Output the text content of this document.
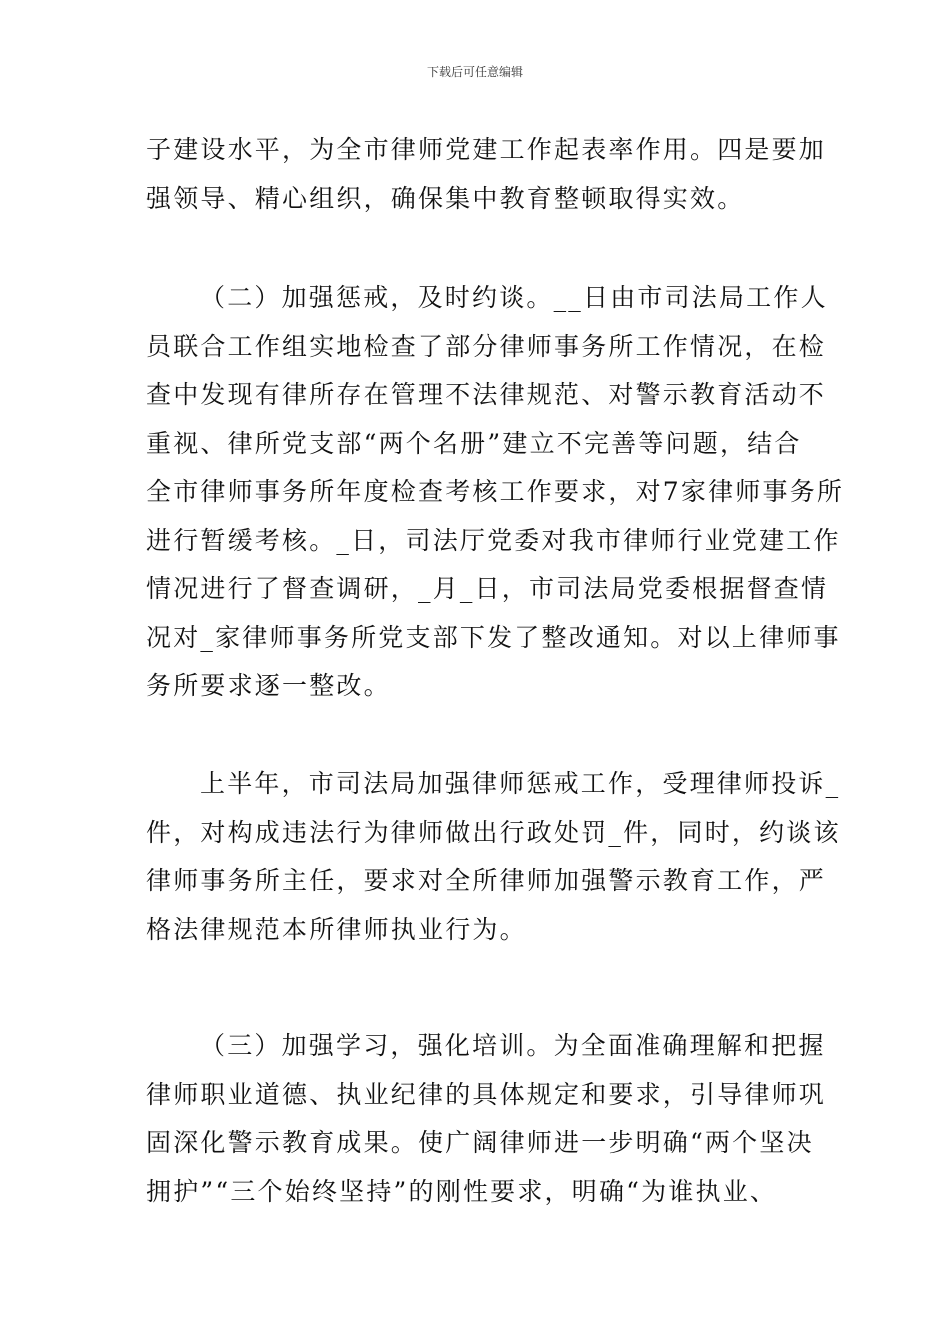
下载后可任意编辑
子建设水平，为全市律师党建工作起表率作用。四是要加
强领导、精心组织，确保集中教育整顿取得实效。
（二）加强惩戒，及时约谈。__日由市司法局工作人
员联合工作组实地检查了部分律师事务所工作情况，在检
查中发现有律所存在管理不法律规范、对警示教育活动不
重视、律所党支部“两个名册”建立不完善等问题，结合
全市律师事务所年度检查考核工作要求，对7家律师事务所
进行暂缓考核。_日，司法厅党委对我市律师行业党建工作
情况进行了督查调研，_月_日，市司法局党委根据督查情
况对_家律师事务所党支部下发了整改通知。对以上律师事
务所要求逐一整改。
上半年，市司法局加强律师惩戒工作，受理律师投诉_
件，对构成违法行为律师做出行政处罚_件，同时，约谈该
律师事务所主任，要求对全所律师加强警示教育工作，严
格法律规范本所律师执业行为。
（三）加强学习，强化培训。为全面准确理解和把握
律师职业道德、执业纪律的具体规定和要求，引导律师巩
固深化警示教育成果。使广阔律师进一步明确“两个坚决
拥护”“三个始终坚持”的刚性要求，明确“为谁执业、
